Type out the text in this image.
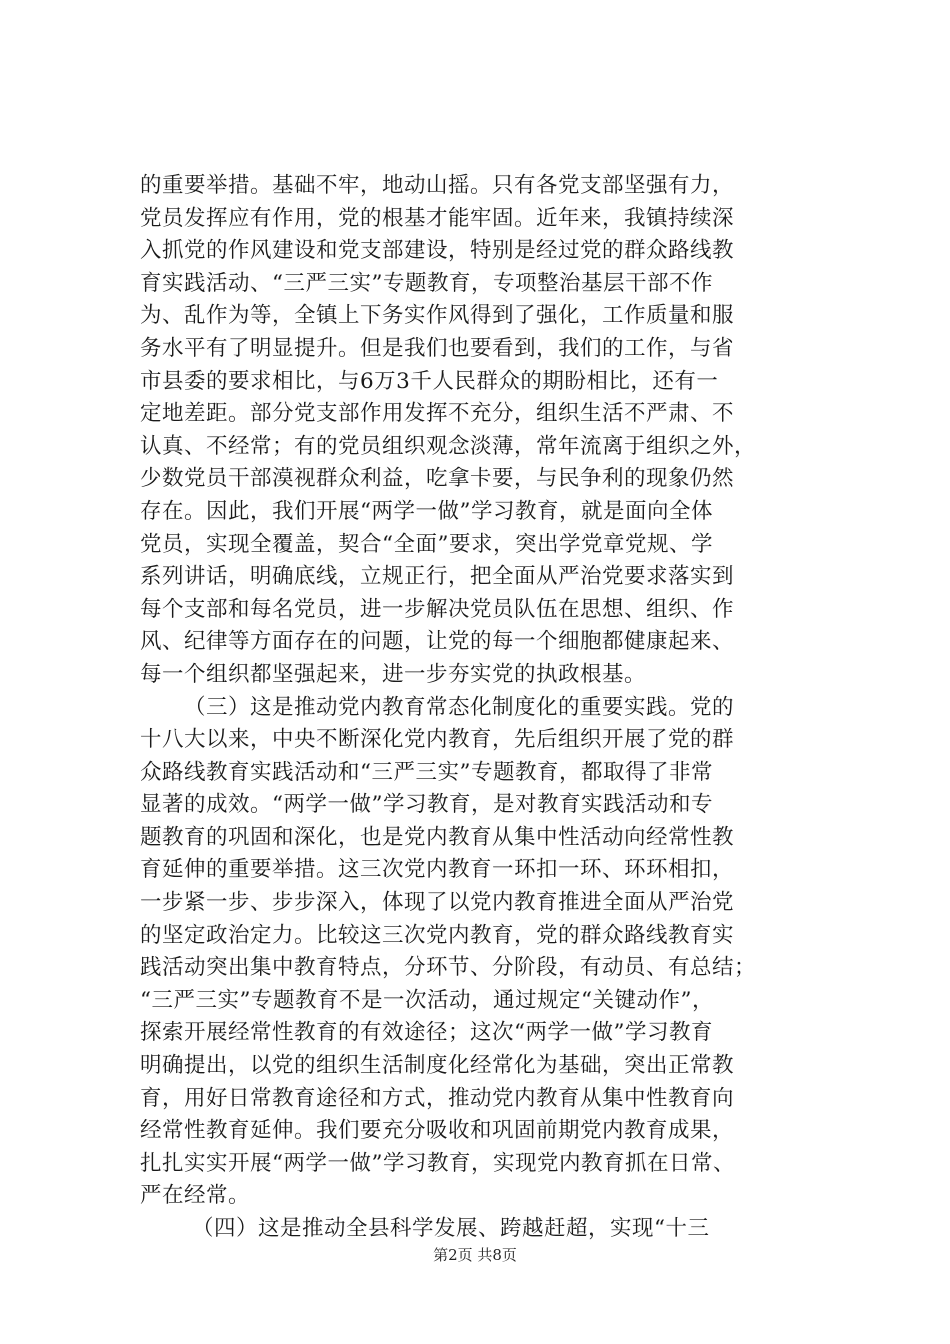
的重要举措。基础不牢，地动山摇。只有各党支部坚强有力，
党员发挥应有作用，党的根基才能牢固。近年来，我镇持续深
入抓党的作风建设和党支部建设，特别是经过党的群众路线教
育实践活动、“三严三实”专题教育，专项整治基层干部不作
为、乱作为等，全镇上下务实作风得到了强化，工作质量和服
务水平有了明显提升。但是我们也要看到，我们的工作，与省
市县委的要求相比，与6万3千人民群众的期盼相比，还有一
定地差距。部分党支部作用发挥不充分，组织生活不严肃、不
认真、不经常；有的党员组织观念淡薄，常年流离于组织之外，
少数党员干部漠视群众利益，吃拿卡要，与民争利的现象仍然
存在。因此，我们开展“两学一做”学习教育，就是面向全体
党员，实现全覆盖，契合“全面”要求，突出学党章党规、学
系列讲话，明确底线，立规正行，把全面从严治党要求落实到
每个支部和每名党员，进一步解决党员队伍在思想、组织、作
风、纪律等方面存在的问题，让党的每一个细胞都健康起来、
每一个组织都坚强起来，进一步夯实党的执政根基。
（三）这是推动党内教育常态化制度化的重要实践。党的
十八大以来，中央不断深化党内教育，先后组织开展了党的群
众路线教育实践活动和“三严三实”专题教育，都取得了非常
显著的成效。“两学一做”学习教育，是对教育实践活动和专
题教育的巩固和深化，也是党内教育从集中性活动向经常性教
育延伸的重要举措。这三次党内教育一环扣一环、环环相扣，
一步紧一步、步步深入，体现了以党内教育推进全面从严治党
的坚定政治定力。比较这三次党内教育，党的群众路线教育实
践活动突出集中教育特点，分环节、分阶段，有动员、有总结；
“三严三实”专题教育不是一次活动，通过规定“关键动作”，
探索开展经常性教育的有效途径；这次“两学一做”学习教育
明确提出，以党的组织生活制度化经常化为基础，突出正常教
育，用好日常教育途径和方式，推动党内教育从集中性教育向
经常性教育延伸。我们要充分吸收和巩固前期党内教育成果，
扎扎实实开展“两学一做”学习教育，实现党内教育抓在日常、
严在经常。
（四）这是推动全县科学发展、跨越赶超，实现“十三
第2页 共8页
